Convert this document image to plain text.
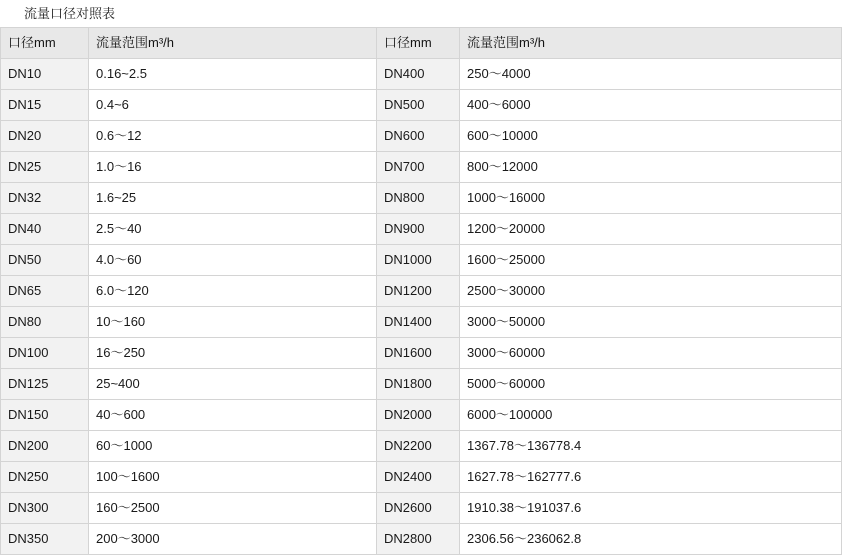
流量口径对照表
口径mm	流量范围m³/h	口径mm	流量范围m³/h
DN10	0.16~2.5	DN400	250～4000
DN15	0.4~6	DN500	400～6000
DN20	0.6～12	DN600	600～10000
DN25	1.0～16	DN700	800～12000
DN32	1.6~25	DN800	1000～16000
DN40	2.5～40	DN900	1200～20000
DN50	4.0～60	DN1000	1600～25000
DN65	6.0～120	DN1200	2500～30000
DN80	10～160	DN1400	3000～50000
DN100	16～250	DN1600	3000～60000
DN125	25~400	DN1800	5000～60000
DN150	40～600	DN2000	6000～100000
DN200	60～1000	DN2200	1367.78～136778.4
DN250	100～1600	DN2400	1627.78～162777.6
DN300	160～2500	DN2600	1910.38～191037.6
DN350	200～3000	DN2800	2306.56～236062.8
